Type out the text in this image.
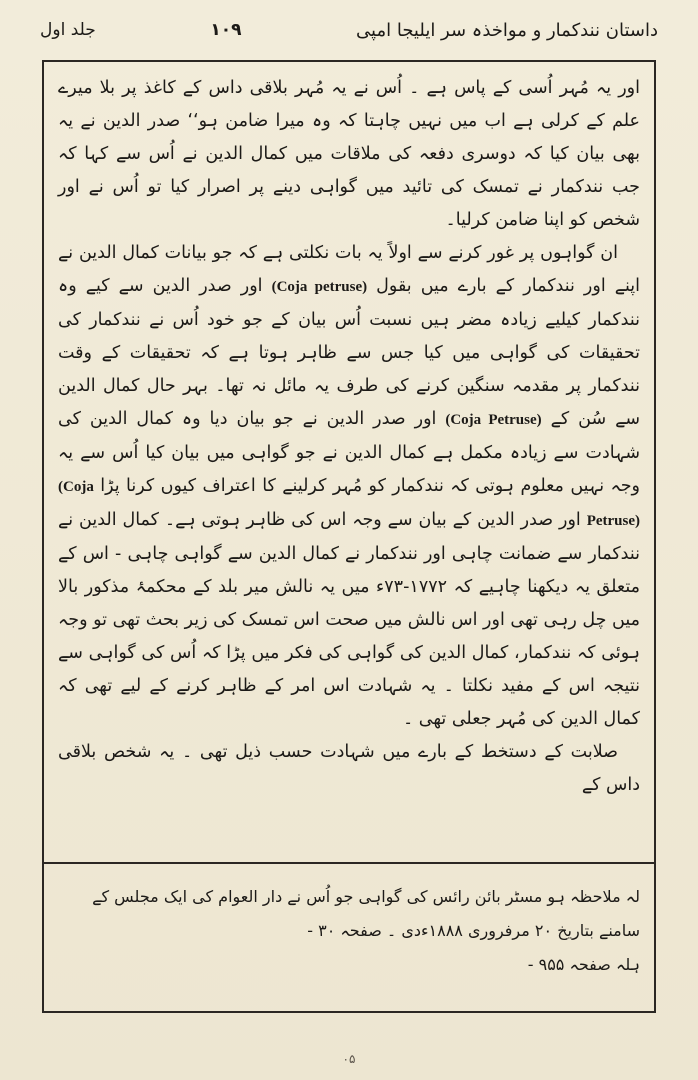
داستان نندکمار و مواخذہ سر ایلیجا امپی
۱۰۹
جلد اول

اور یہ مُہر اُسی کے پاس ہے ۔ اُس نے یہ مُہر بلاقی داس کے کاغذ پر بلا میرے علم کے کرلی ہے اب میں نہیں چاہتا کہ وہ میرا ضامن ہو‘‘ صدر الدین نے یہ بھی بیان کیا کہ دوسری دفعہ کی ملاقات میں کمال الدین نے اُس سے کہا کہ جب نندکمار نے تمسک کی تائید میں گواہی دینے پر اصرار کیا تو اُس نے اور شخص کو اپنا ضامن کرلیا۔

ان گواہوں پر غور کرنے سے اولاً یہ بات نکلتی ہے کہ جو بیانات کمال الدین نے اپنے اور نندکمار کے بارے میں بقول (Coja petruse) اور صدر الدین سے کیے وہ نندکمار کیلیے زیادہ مضر ہیں نسبت اُس بیان کے جو خود اُس نے نندکمار کی تحقیقات کی گواہی میں کیا جس سے ظاہر ہوتا ہے کہ تحقیقات کے وقت نندکمار پر مقدمہ سنگین کرنے کی طرف یہ مائل نہ تھا۔ بہر حال کمال الدین سے سُن کے (Coja Petruse) اور صدر الدین نے جو بیان دیا وہ کمال الدین کی شہادت سے زیادہ مکمل ہے کمال الدین نے جو گواہی میں بیان کیا اُس سے یہ وجہ نہیں معلوم ہوتی کہ نندکمار کو مُہر کرلینے کا اعتراف کیوں کرنا پڑا (Coja Petruse) اور صدر الدین کے بیان سے وجہ اس کی ظاہر ہوتی ہے۔ کمال الدین نے نندکمار سے ضمانت چاہی اور نندکمار نے کمال الدین سے گواہی چاہی - اس کے متعلق یہ دیکھنا چاہیے کہ ۱۷۷۲-۷۳ء میں یہ نالش میر بلد کے محکمۂ مذکور بالا میں چل رہی تھی اور اس نالش میں صحت اس تمسک کی زیر بحث تھی تو وجہ ہوئی کہ نندکمار، کمال الدین کی گواہی کی فکر میں پڑا کہ اُس کی گواہی سے نتیجہ اس کے مفید نکلتا ۔ یہ شہادت اس امر کے ظاہر کرنے کے لیے تھی کہ کمال الدین کی مُہر جعلی تھی ۔

صلابت کے دستخط کے بارے میں شہادت حسب ذیل تھی ۔ یہ شخص بلاقی داس کے

لہ ملاحظہ ہو مسٹر بائن رائس کی گواہی جو اُس نے دار العوام کی ایک مجلس کے سامنے بتاریخ ۲۰ مرفروری ۱۸۸۸ءدی ۔ صفحہ ۳۰ -

ہلہ صفحہ ۹۵۵ -

۰۵
